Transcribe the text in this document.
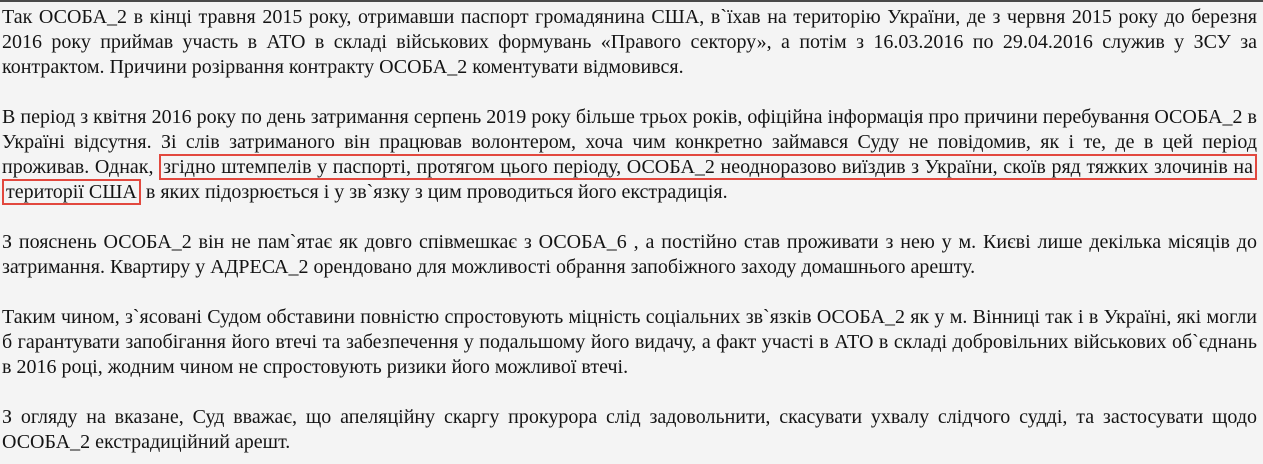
Так ОСОБА_2 в кінці травня 2015 року, отримавши паспорт громадянина США, в`їхав на територію України, де з червня 2015 року до березня 2016 року приймав участь в АТО в складі військових формувань «Правого сектору», а потім з 16.03.2016 по 29.04.2016 служив у ЗСУ за контрактом. Причини розірвання контракту ОСОБА_2 коментувати відмовився.

В період з квітня 2016 року по день затримання серпень 2019 року більше трьох років, офіційна інформація про причини перебування ОСОБА_2 в Україні відсутня. Зі слів затриманого він працював волонтером, хоча чим конкретно займався Суду не повідомив, як і те, де в цей період проживав. Однак, згідно штемпелів у паспорті, протягом цього періоду, ОСОБА_2 неодноразово виїздив з України, скоїв ряд тяжких злочинів на території США в яких підозрюється і у зв`язку з цим проводиться його екстрадиція.

З пояснень ОСОБА_2 він не пам`ятає як довго співмешкає з ОСОБА_6 , а постійно став проживати з нею у м. Києві лише декілька місяців до затримання. Квартиру у АДРЕСА_2 орендовано для можливості обрання запобіжного заходу домашнього арешту.

Таким чином, з`ясовані Судом обставини повністю спростовують міцність соціальних зв`язків ОСОБА_2 як у м. Вінниці так і в Україні, які могли б гарантувати запобігання його втечі та забезпечення у подальшому його видачу, а факт участі в АТО в складі добровільних військових об`єднань в 2016 році, жодним чином не спростовують ризики його можливої втечі.

З огляду на вказане, Суд вважає, що апеляційну скаргу прокурора слід задовольнити, скасувати ухвалу слідчого судді, та застосувати щодо ОСОБА_2 екстрадиційний арешт.
